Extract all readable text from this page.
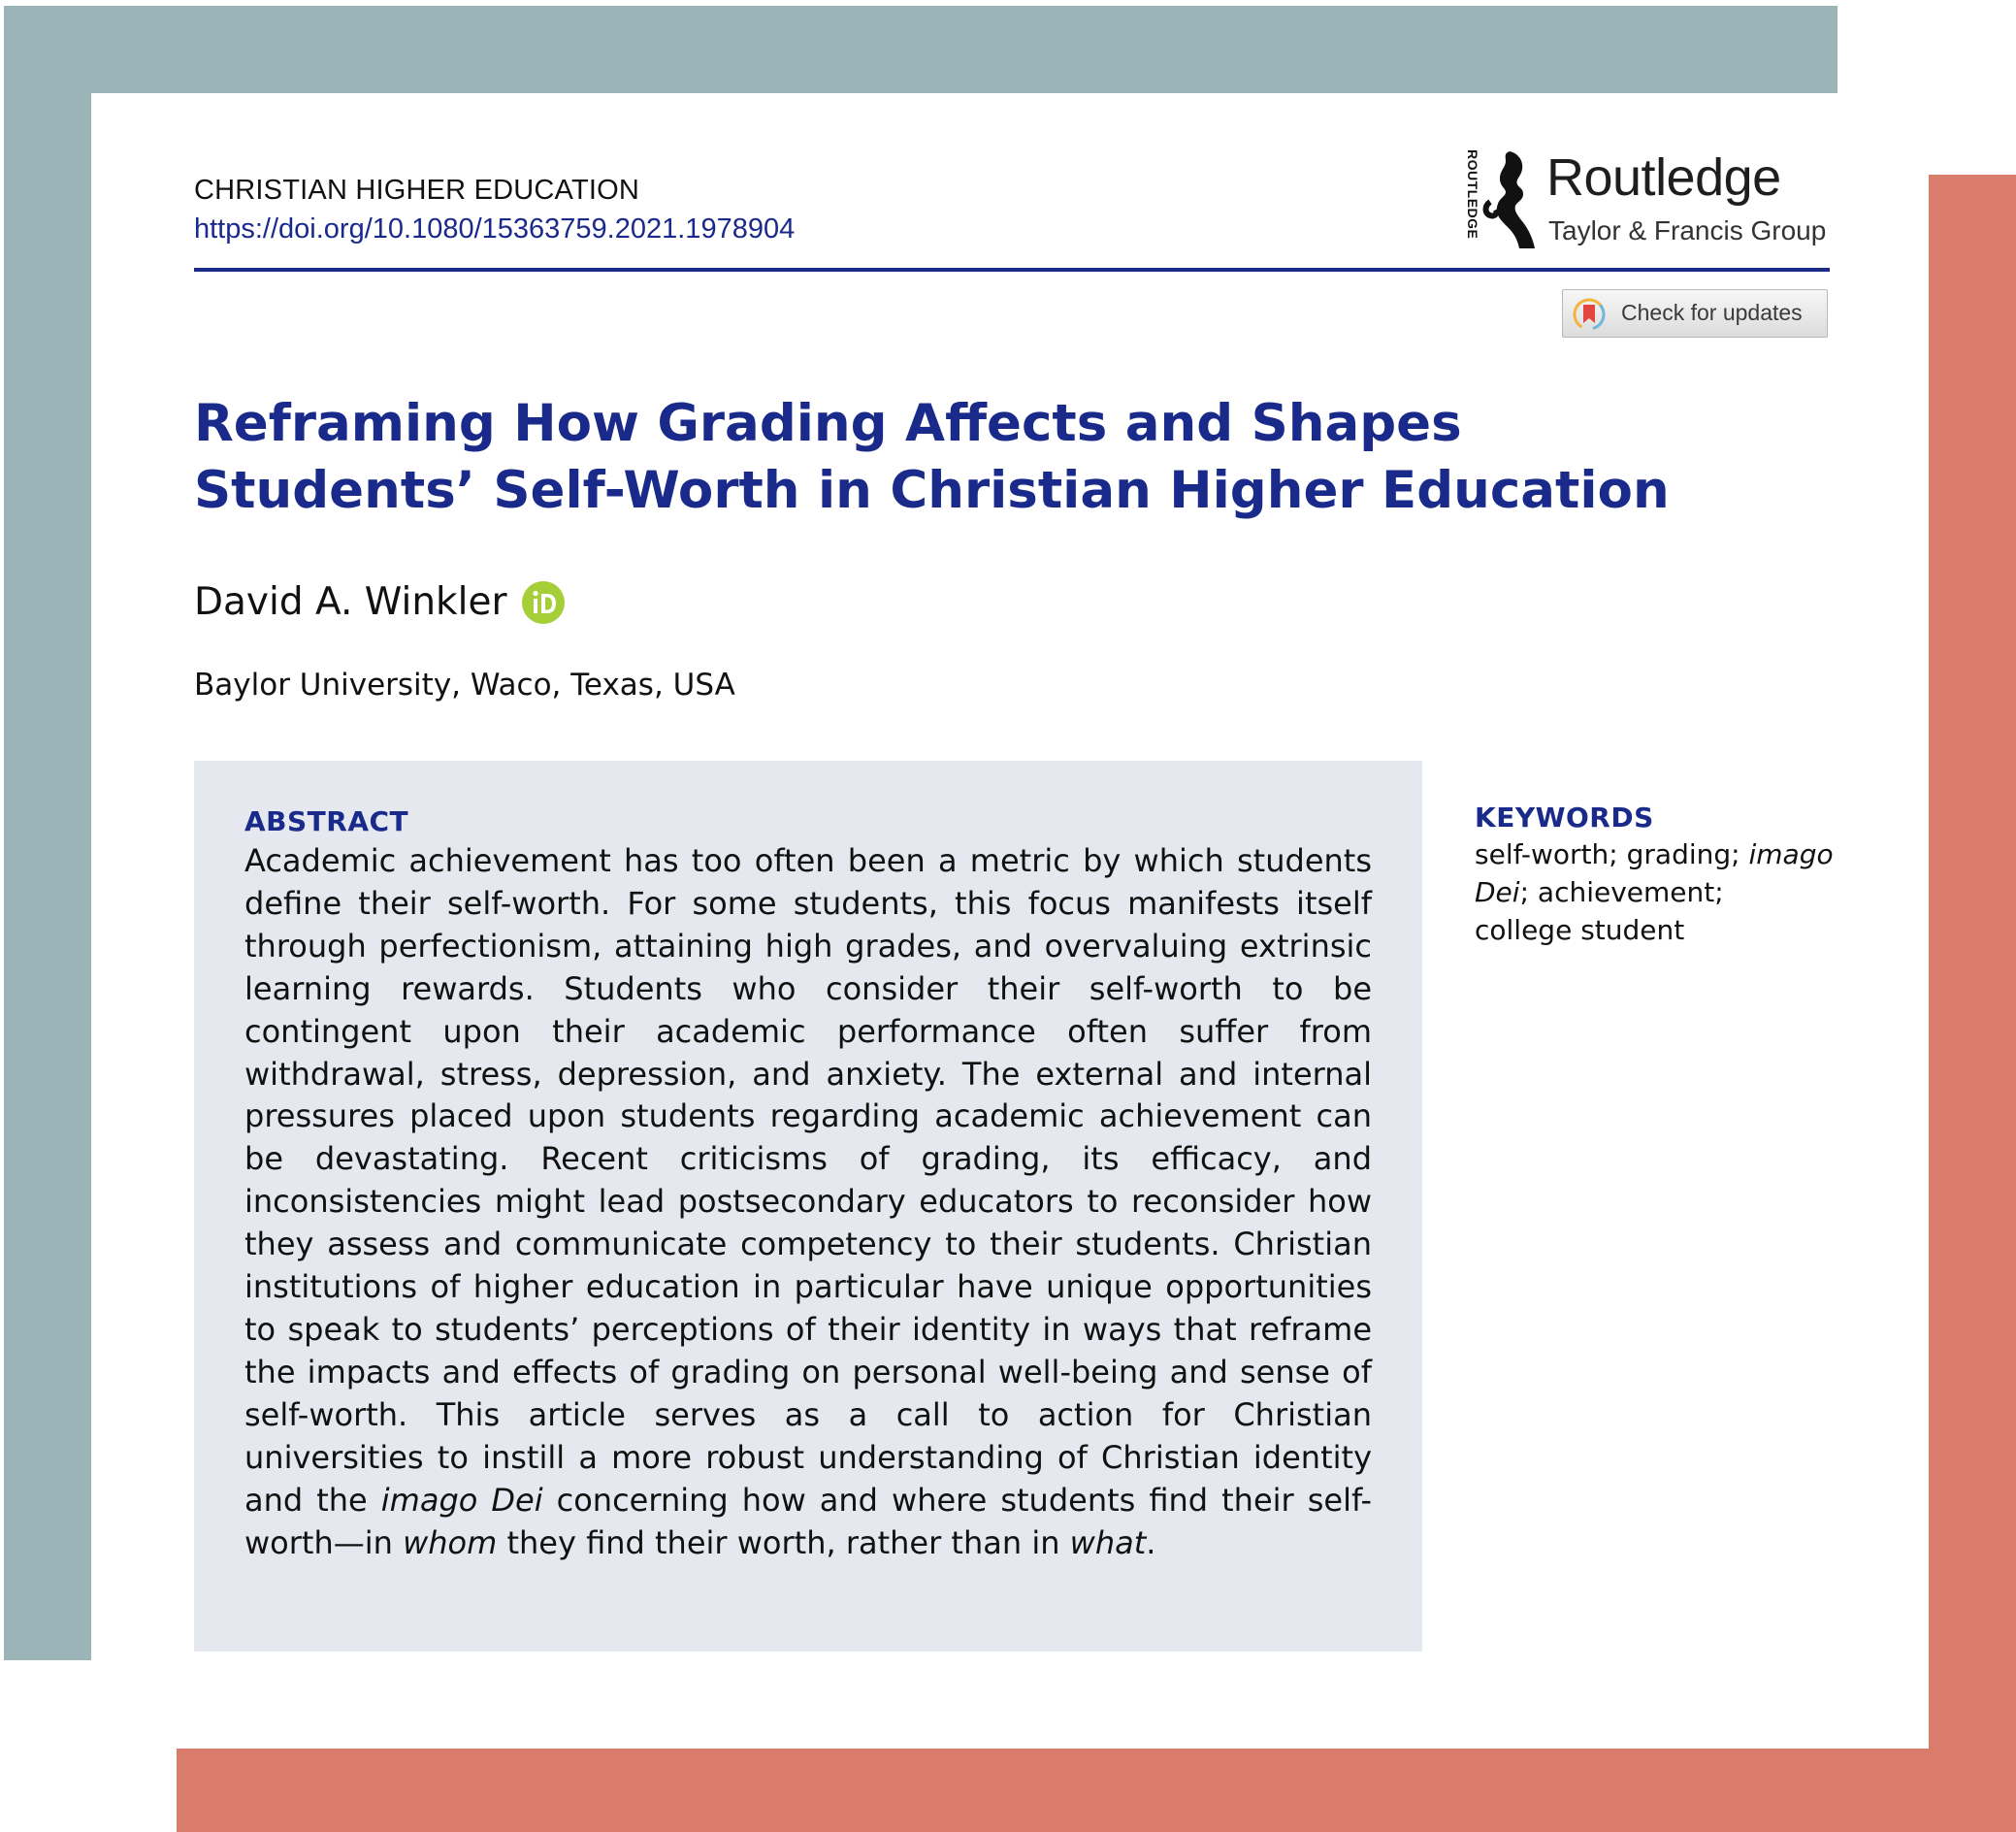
CHRISTIAN HIGHER EDUCATION
https://doi.org/10.1080/15363759.2021.1978904	ROUTLEDGE Routledge
Taylor & Francis Group
Check for updates
Reframing How Grading Affects and Shapes Students’ Self-Worth in Christian Higher Education
David A. Winkler
Baylor University, Waco, Texas, USA
ABSTRACT

Academic achievement has too often been a metric by which students define their self-worth. For some students, this focus manifests itself through perfectionism, attaining high grades, and overvaluing extrinsic learning rewards. Students who consider their self-worth to be contingent upon their academic performance often suffer from withdrawal, stress, depression, and anxiety. The external and internal pressures placed upon students regarding academic achievement can be devastating. Recent criticisms of grading, its efficacy, and inconsistencies might lead postsecondary educators to reconsider how they assess and communicate competency to their students. Christian institutions of higher education in particular have unique opportunities to speak to students’ perceptions of their identity in ways that reframe the impacts and effects of grading on personal well-being and sense of self-worth. This article serves as a call to action for Christian universities to instill a more robust understanding of Christian identity and the imago Dei concerning how and where students find their self-worth—in whom they find their worth, rather than in what.

KEYWORDS

self-worth; grading; imago
Dei; achievement;
college student
